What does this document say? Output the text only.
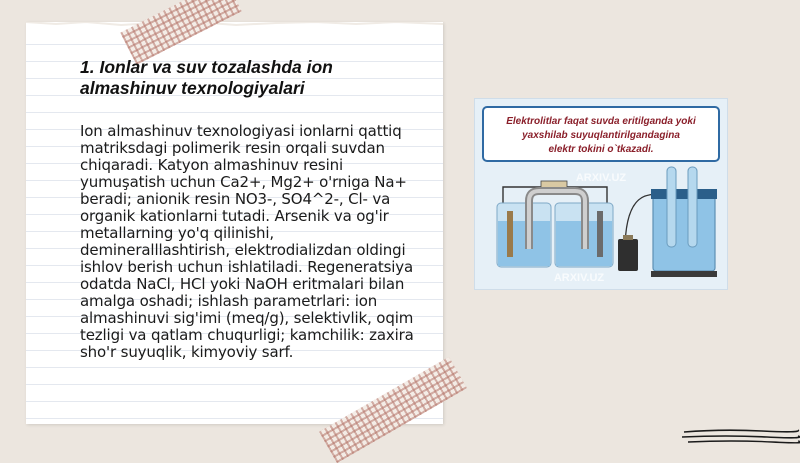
1. Ionlar va suv tozalashda ion almashinuv texnologiyalari

Ion almashinuv texnologiyasi ionlarni qattiq matriksdagi polimerik resin orqali suvdan chiqaradi. Katyon almashinuv resini yumuşatish uchun Ca2+, Mg2+ o'rniga Na+ beradi; anionik resin NO3-, SO4^2-, Cl- va organik kationlarni tutadi. Arsenik va og'ir metallarning yo'q qilinishi, demineralllashtirish, elektrodializdan oldingi ishlov berish uchun ishlatiladi. Regeneratsiya odatda NaCl, HCl yoki NaOH eritmalari bilan amalga oshadi; ishlash parametrlari: ion almashinuvi sig'imi (meq/g), selektivlik, oqim tezligi va qatlam chuqurligi; kamchilik: zaxira sho'r suyuqlik, kimyoviy sarf.

Elektrolitlar faqat suvda eritilganda yoki
yaxshilab suyuqlantirilgandagina
elektr tokini o`tkazadi.
ARXIV.UZ
ARXIV.UZ
